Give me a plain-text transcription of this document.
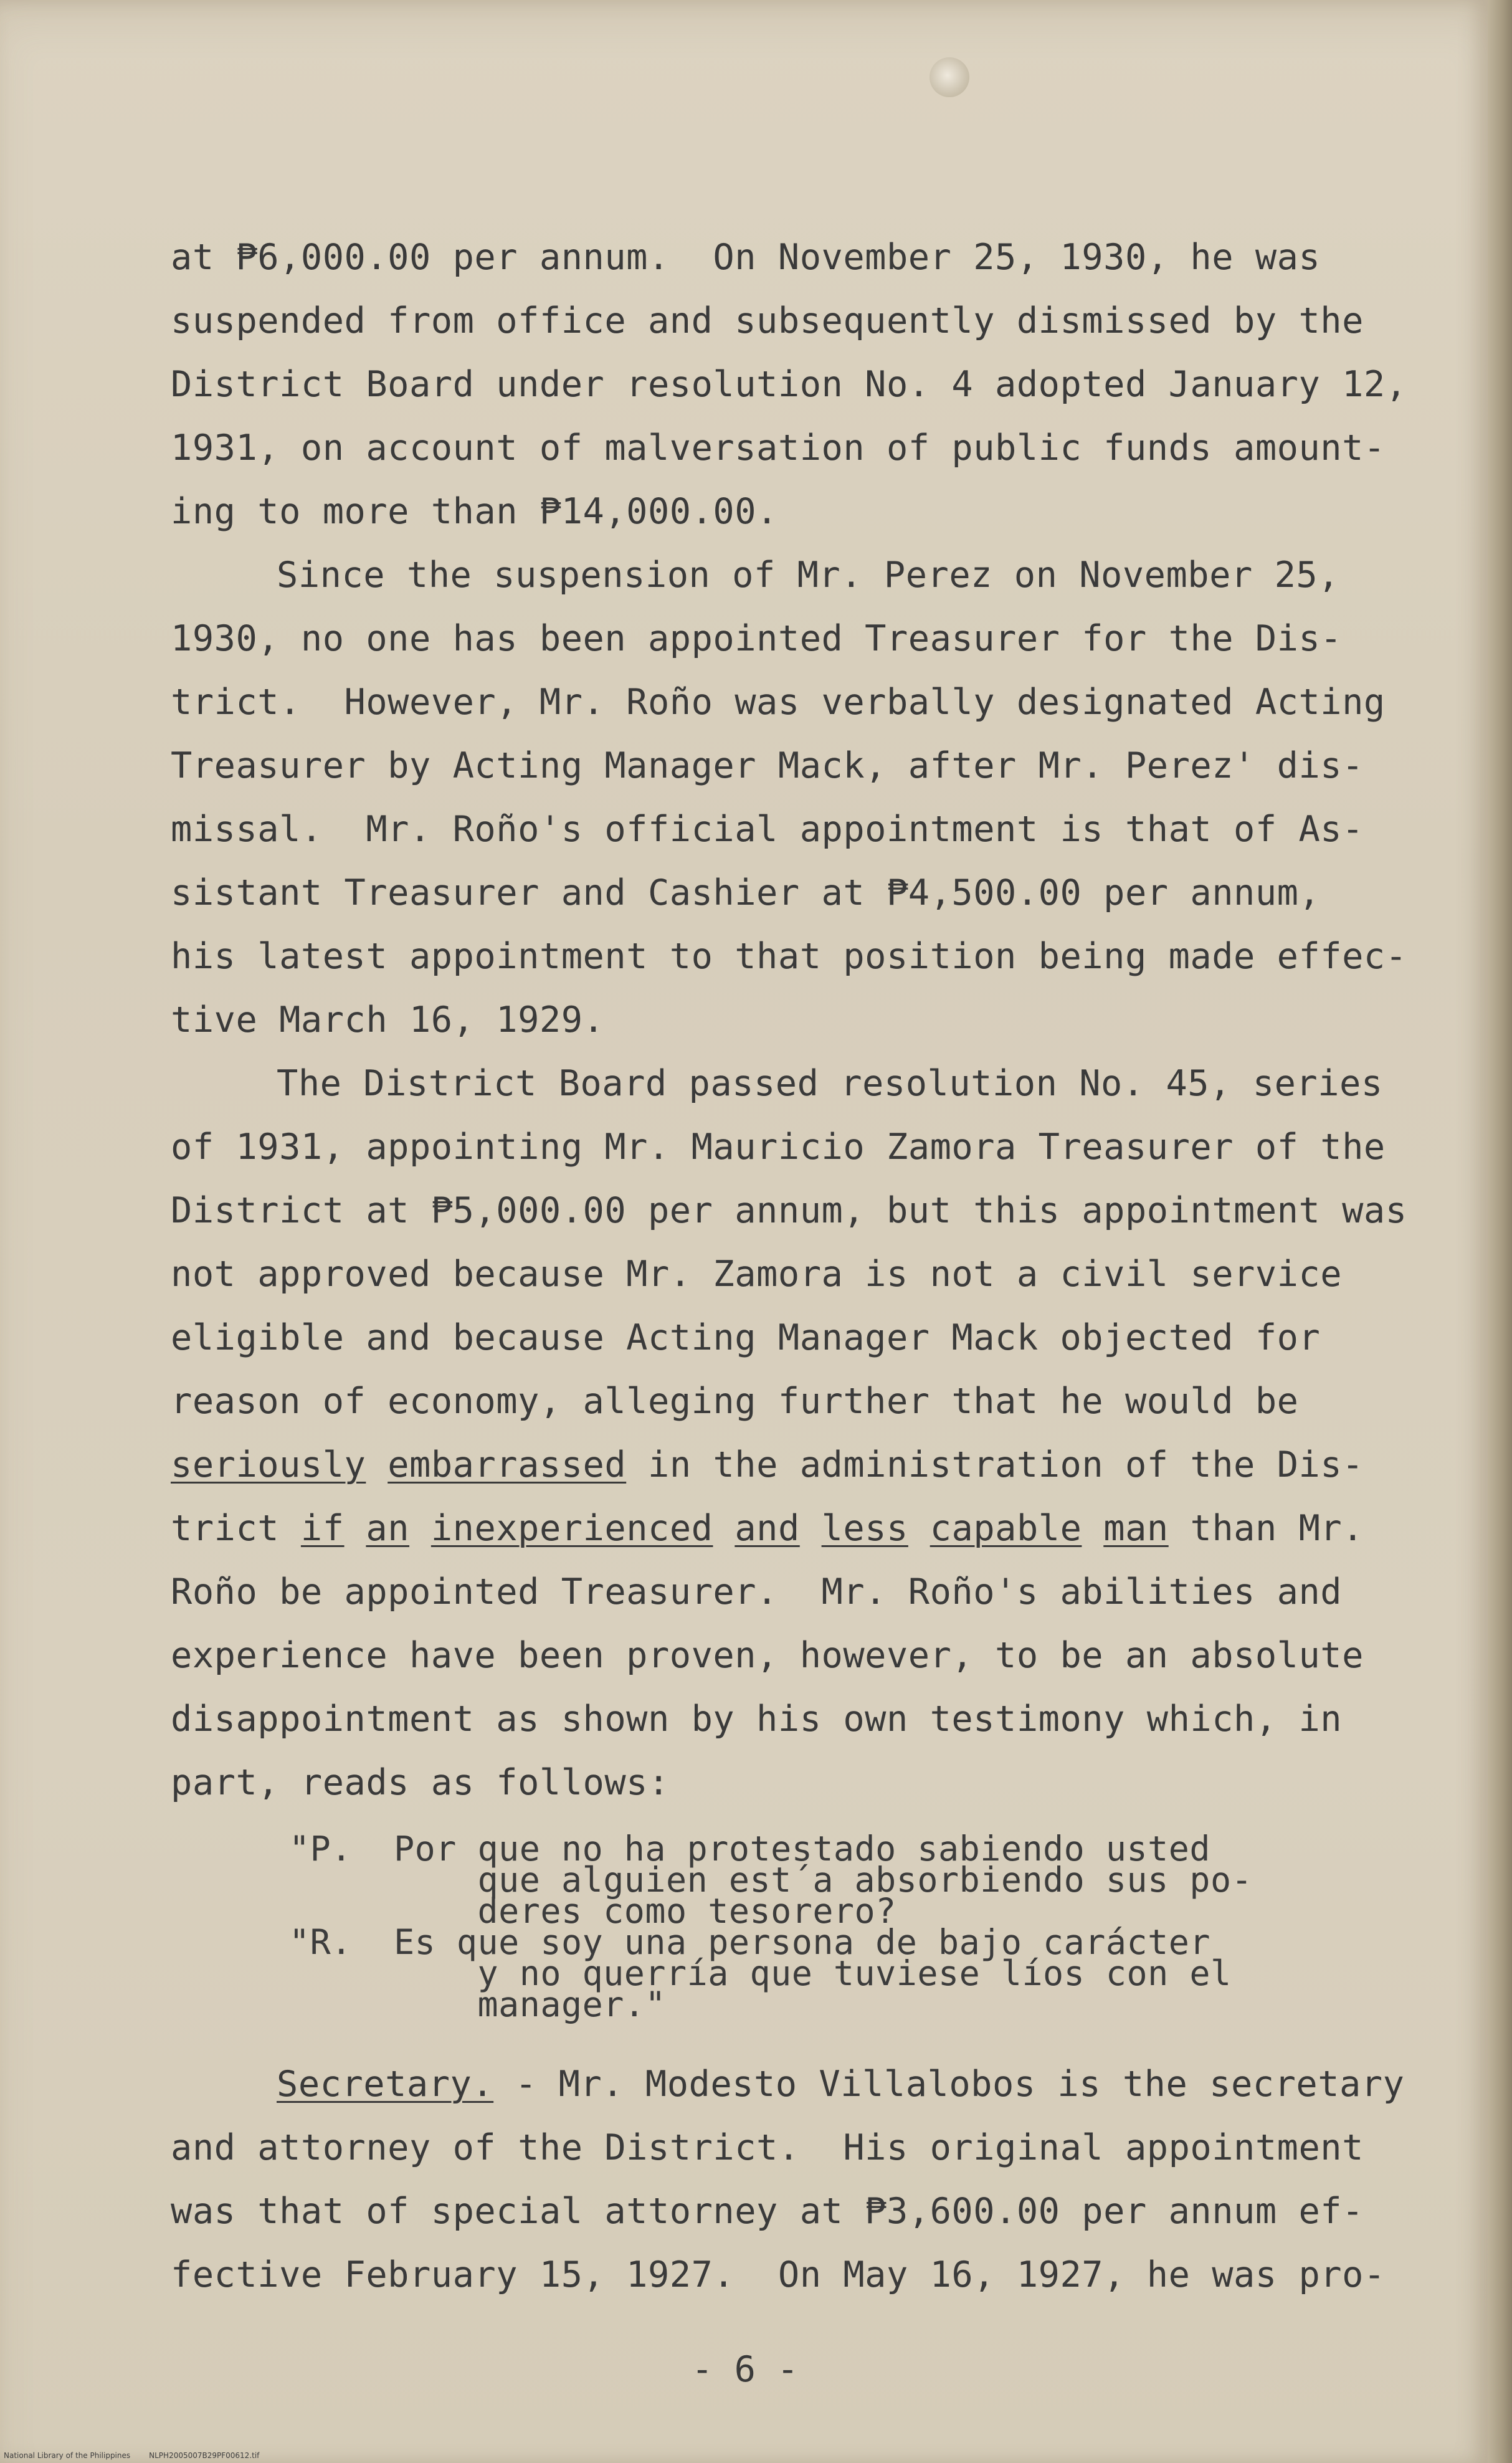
at ₱6,000.00 per annum.  On November 25, 1930, he was

suspended from office and subsequently dismissed by the

District Board under resolution No. 4 adopted January 12,

1931, on account of malversation of public funds amount-

ing to more than ₱14,000.00.

Since the suspension of Mr. Perez on November 25,

1930, no one has been appointed Treasurer for the Dis-

trict.  However, Mr. Roño was verbally designated Acting

Treasurer by Acting Manager Mack, after Mr. Perez' dis-

missal.  Mr. Roño's official appointment is that of As-

sistant Treasurer and Cashier at ₱4,500.00 per annum,

his latest appointment to that position being made effec-

tive March 16, 1929.

The District Board passed resolution No. 45, series

of 1931, appointing Mr. Mauricio Zamora Treasurer of the

District at ₱5,000.00 per annum, but this appointment was

not approved because Mr. Zamora is not a civil service

eligible and because Acting Manager Mack objected for

reason of economy, alleging further that he would be

seriously embarrassed in the administration of the Dis-

trict if an inexperienced and less capable man than Mr.

Roño be appointed Treasurer.  Mr. Roño's abilities and

experience have been proven, however, to be an absolute

disappointment as shown by his own testimony which, in

part, reads as follows:

"P.  Por que no ha protestado sabiendo usted

que alguien est´a absorbiendo sus po-

deres como tesorero?

"R.  Es que soy una persona de bajo carácter

y no querría que tuviese líos con el

manager."

Secretary. - Mr. Modesto Villalobos is the secretary

and attorney of the District.  His original appointment

was that of special attorney at ₱3,600.00 per annum ef-

fective February 15, 1927.  On May 16, 1927, he was pro-

- 6 -
National Library of the Philippines	NLPH2005007B29PF00612.tif
